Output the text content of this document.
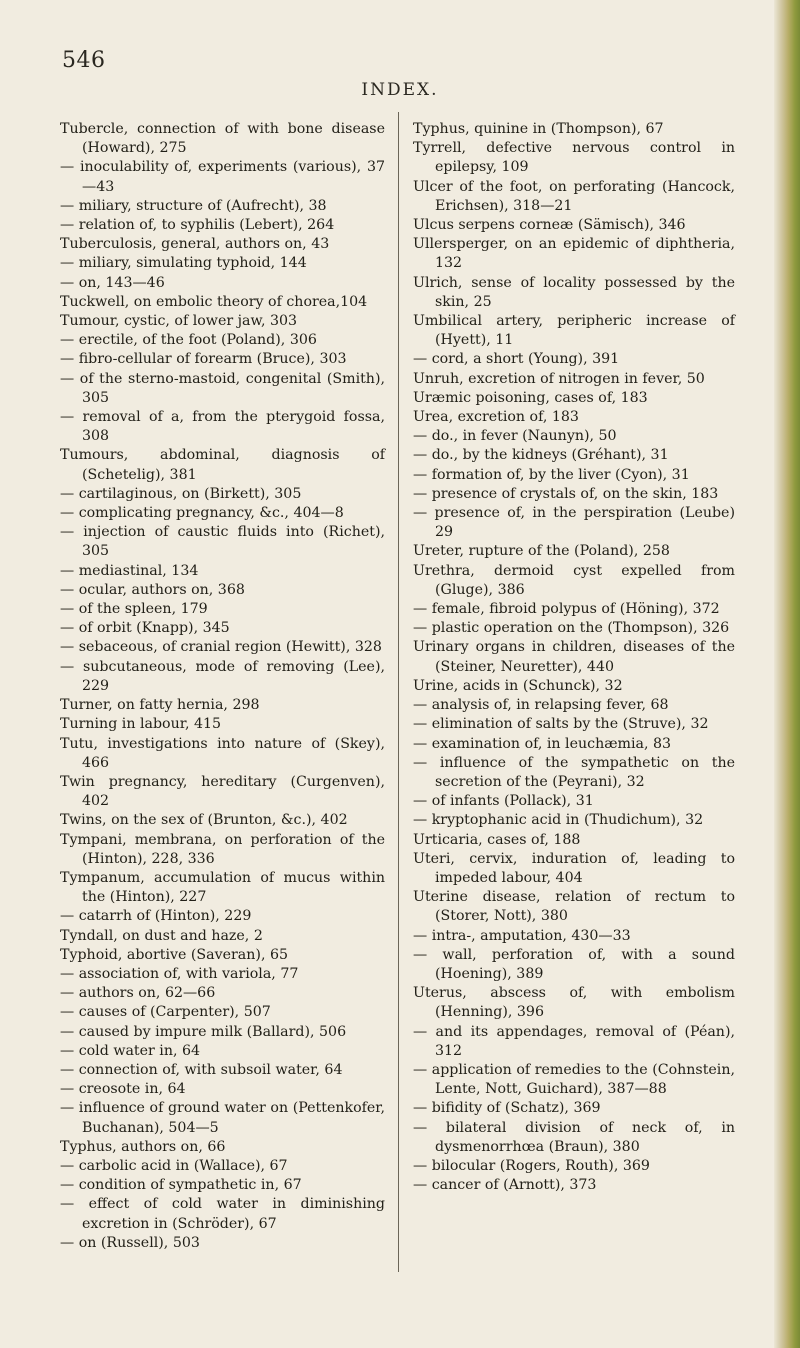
546
INDEX.

Tubercle, connection of with bone disease (Howard), 275

— inoculability of, experiments (various), 37—43

— miliary, structure of (Aufrecht), 38

— relation of, to syphilis (Lebert), 264

Tuberculosis, general, authors on, 43

— miliary, simulating typhoid, 144

— on, 143—46

Tuckwell, on embolic theory of chorea,104

Tumour, cystic, of lower jaw, 303

— erectile, of the foot (Poland), 306

— fibro-cellular of forearm (Bruce), 303

— of the sterno-mastoid, congenital (Smith), 305

— removal of a, from the pterygoid fossa, 308

Tumours, abdominal, diagnosis of (Schetelig), 381

— cartilaginous, on (Birkett), 305

— complicating pregnancy, &c., 404—8

— injection of caustic fluids into (Richet), 305

— mediastinal, 134

— ocular, authors on, 368

— of the spleen, 179

— of orbit (Knapp), 345

— sebaceous, of cranial region (Hewitt), 328

— subcutaneous, mode of removing (Lee), 229

Turner, on fatty hernia, 298

Turning in labour, 415

Tutu, investigations into nature of (Skey), 466

Twin pregnancy, hereditary (Curgenven), 402

Twins, on the sex of (Brunton, &c.), 402

Tympani, membrana, on perforation of the (Hinton), 228, 336

Tympanum, accumulation of mucus within the (Hinton), 227

— catarrh of (Hinton), 229

Tyndall, on dust and haze, 2

Typhoid, abortive (Saveran), 65

— association of, with variola, 77

— authors on, 62—66

— causes of (Carpenter), 507

— caused by impure milk (Ballard), 506

— cold water in, 64

— connection of, with subsoil water, 64

— creosote in, 64

— influence of ground water on (Pettenkofer, Buchanan), 504—5

Typhus, authors on, 66

— carbolic acid in (Wallace), 67

— condition of sympathetic in, 67

— effect of cold water in diminishing excretion in (Schröder), 67

— on (Russell), 503

Typhus, quinine in (Thompson), 67

Tyrrell, defective nervous control in epilepsy, 109

Ulcer of the foot, on perforating (Hancock, Erichsen), 318—21

Ulcus serpens corneæ (Sämisch), 346

Ullersperger, on an epidemic of diphtheria, 132

Ulrich, sense of locality possessed by the skin, 25

Umbilical artery, peripheric increase of (Hyett), 11

— cord, a short (Young), 391

Unruh, excretion of nitrogen in fever, 50

Uræmic poisoning, cases of, 183

Urea, excretion of, 183

— do., in fever (Naunyn), 50

— do., by the kidneys (Gréhant), 31

— formation of, by the liver (Cyon), 31

— presence of crystals of, on the skin, 183

— presence of, in the perspiration (Leube) 29

Ureter, rupture of the (Poland), 258

Urethra, dermoid cyst expelled from (Gluge), 386

— female, fibroid polypus of (Höning), 372

— plastic operation on the (Thompson), 326

Urinary organs in children, diseases of the (Steiner, Neuretter), 440

Urine, acids in (Schunck), 32

— analysis of, in relapsing fever, 68

— elimination of salts by the (Struve), 32

— examination of, in leuchæmia, 83

— influence of the sympathetic on the secretion of the (Peyrani), 32

— of infants (Pollack), 31

— kryptophanic acid in (Thudichum), 32

Urticaria, cases of, 188

Uteri, cervix, induration of, leading to impeded labour, 404

Uterine disease, relation of rectum to (Storer, Nott), 380

— intra-, amputation, 430—33

— wall, perforation of, with a sound (Hoening), 389

Uterus, abscess of, with embolism (Henning), 396

— and its appendages, removal of (Péan), 312

— application of remedies to the (Cohnstein, Lente, Nott, Guichard), 387—88

— bifidity of (Schatz), 369

— bilateral division of neck of, in dysmenorrhœa (Braun), 380

— bilocular (Rogers, Routh), 369

— cancer of (Arnott), 373
